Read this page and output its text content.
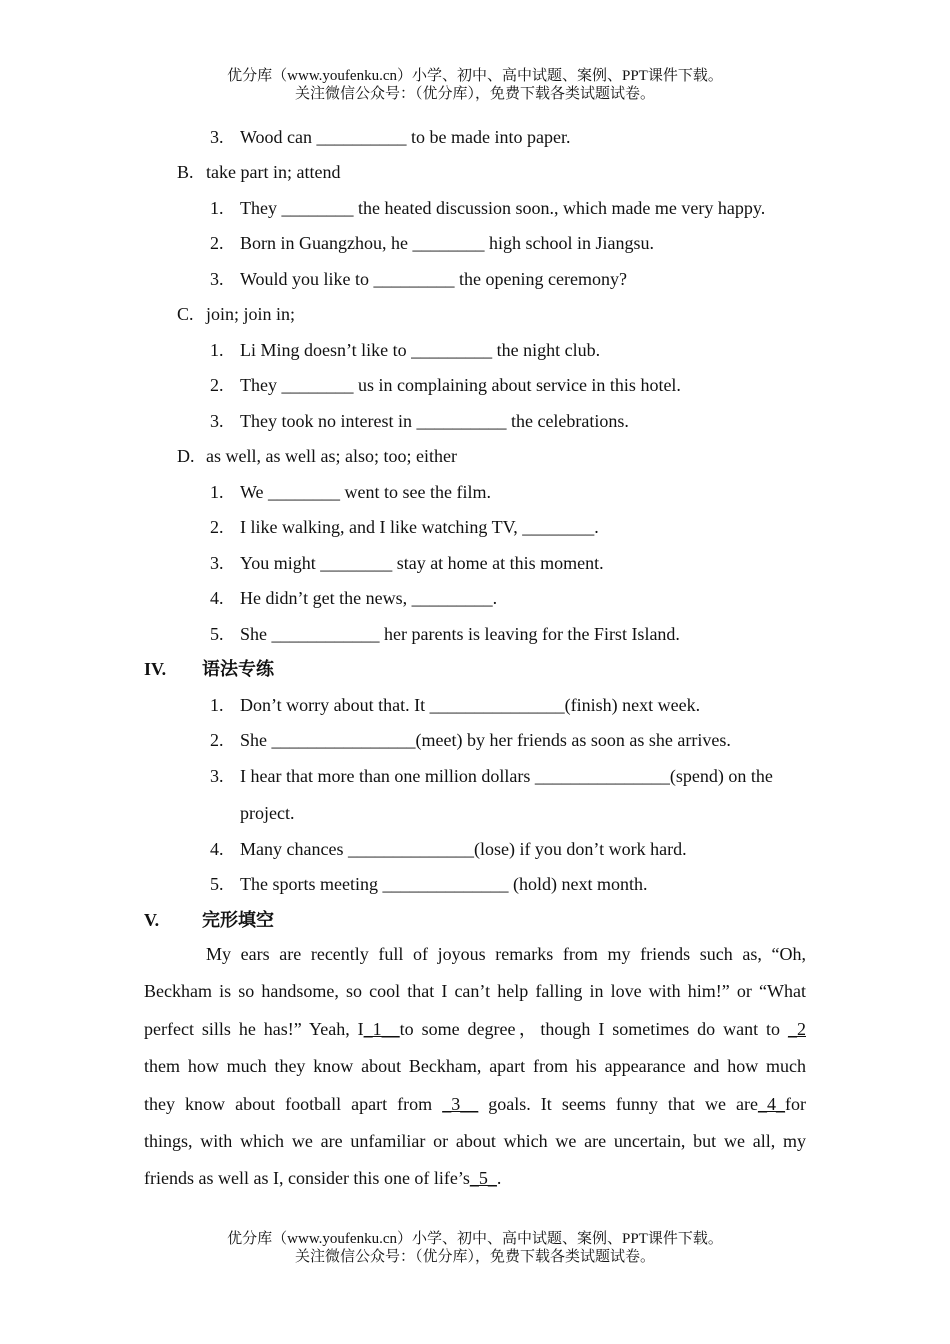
优分库（www.youfenku.cn）小学、初中、高中试题、案例、PPT课件下载。
关注微信公众号：（优分库），免费下载各类试题试卷。
3. Wood can __________ to be made into paper.
B. take part in; attend
1. They ________ the heated discussion soon., which made me very happy.
2. Born in Guangzhou, he ________ high school in Jiangsu.
3. Would you like to _________ the opening ceremony?
C. join; join in;
1. Li Ming doesn’t like to _________ the night club.
2. They ________ us in complaining about service in this hotel.
3. They took no interest in __________ the celebrations.
D. as well, as well as; also; too; either
1. We ________ went to see the film.
2. I like walking, and I like watching TV, ________.
3. You might ________ stay at home at this moment.
4. He didn’t get the news, _________.
5. She ____________ her parents is leaving for the First Island.
IV. 语法专练
1. Don’t worry about that. It _______________(finish) next week.
2. She ________________(meet) by her friends as soon as she arrives.
3. I hear that more than one million dollars _______________(spend) on the
project.
4. Many chances ______________(lose) if you don’t work hard.
5. The sports meeting ______________ (hold) next month.
V. 完形填空
My ears are recently full of joyous remarks from my friends such as, “Oh,
Beckham is so handsome, so cool that I can’t help falling in love with him!” or “What
perfect sills he has!” Yeah, I_1__to some degree，though I sometimes do want to _2
them how much they know about Beckham, apart from his appearance and how much
they know about football apart from _3__ goals. It seems funny that we are_4_for
things, with which we are unfamiliar or about which we are uncertain, but we all, my
friends as well as I, consider this one of life’s_5_.
优分库（www.youfenku.cn）小学、初中、高中试题、案例、PPT课件下载。
关注微信公众号：（优分库），免费下载各类试题试卷。
